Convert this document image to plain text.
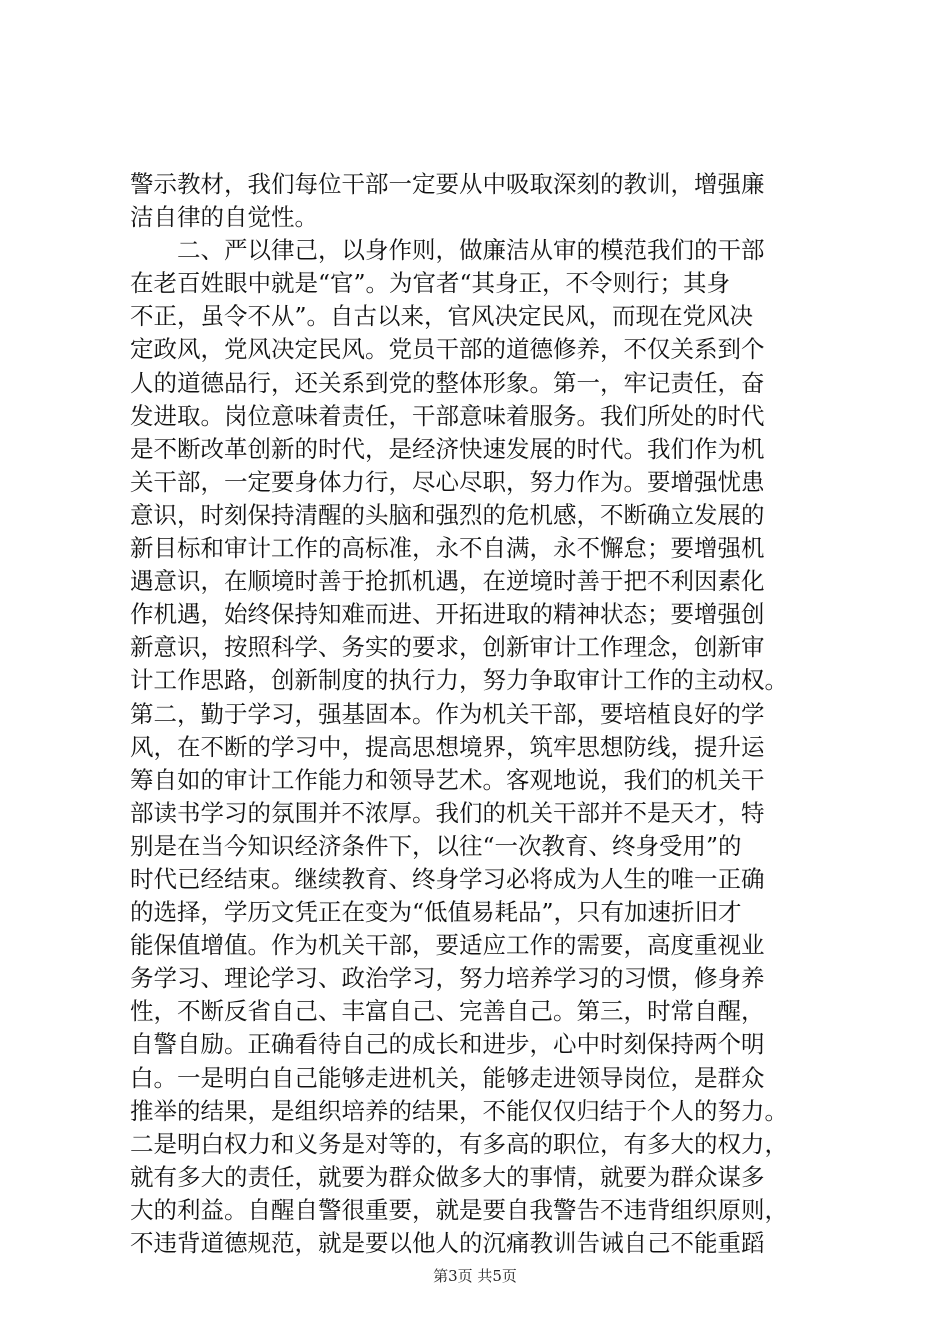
警示教材，我们每位干部一定要从中吸取深刻的教训，增强廉
洁自律的自觉性。
　　二、严以律己，以身作则，做廉洁从审的模范我们的干部
在老百姓眼中就是“官”。为官者“其身正，不令则行；其身
不正，虽令不从”。自古以来，官风决定民风，而现在党风决
定政风，党风决定民风。党员干部的道德修养，不仅关系到个
人的道德品行，还关系到党的整体形象。第一，牢记责任，奋
发进取。岗位意味着责任，干部意味着服务。我们所处的时代
是不断改革创新的时代，是经济快速发展的时代。我们作为机
关干部，一定要身体力行，尽心尽职，努力作为。要增强忧患
意识，时刻保持清醒的头脑和强烈的危机感，不断确立发展的
新目标和审计工作的高标准，永不自满，永不懈怠；要增强机
遇意识，在顺境时善于抢抓机遇，在逆境时善于把不利因素化
作机遇，始终保持知难而进、开拓进取的精神状态；要增强创
新意识，按照科学、务实的要求，创新审计工作理念，创新审
计工作思路，创新制度的执行力，努力争取审计工作的主动权。
第二，勤于学习，强基固本。作为机关干部，要培植良好的学
风，在不断的学习中，提高思想境界，筑牢思想防线，提升运
筹自如的审计工作能力和领导艺术。客观地说，我们的机关干
部读书学习的氛围并不浓厚。我们的机关干部并不是天才，特
别是在当今知识经济条件下，以往“一次教育、终身受用”的
时代已经结束。继续教育、终身学习必将成为人生的唯一正确
的选择，学历文凭正在变为“低值易耗品”，只有加速折旧才
能保值增值。作为机关干部，要适应工作的需要，高度重视业
务学习、理论学习、政治学习，努力培养学习的习惯，修身养
性，不断反省自己、丰富自己、完善自己。第三，时常自醒，
自警自励。正确看待自己的成长和进步，心中时刻保持两个明
白。一是明白自己能够走进机关，能够走进领导岗位，是群众
推举的结果，是组织培养的结果，不能仅仅归结于个人的努力。
二是明白权力和义务是对等的，有多高的职位，有多大的权力，
就有多大的责任，就要为群众做多大的事情，就要为群众谋多
大的利益。自醒自警很重要，就是要自我警告不违背组织原则，
不违背道德规范，就是要以他人的沉痛教训告诫自己不能重蹈
第3页 共5页
